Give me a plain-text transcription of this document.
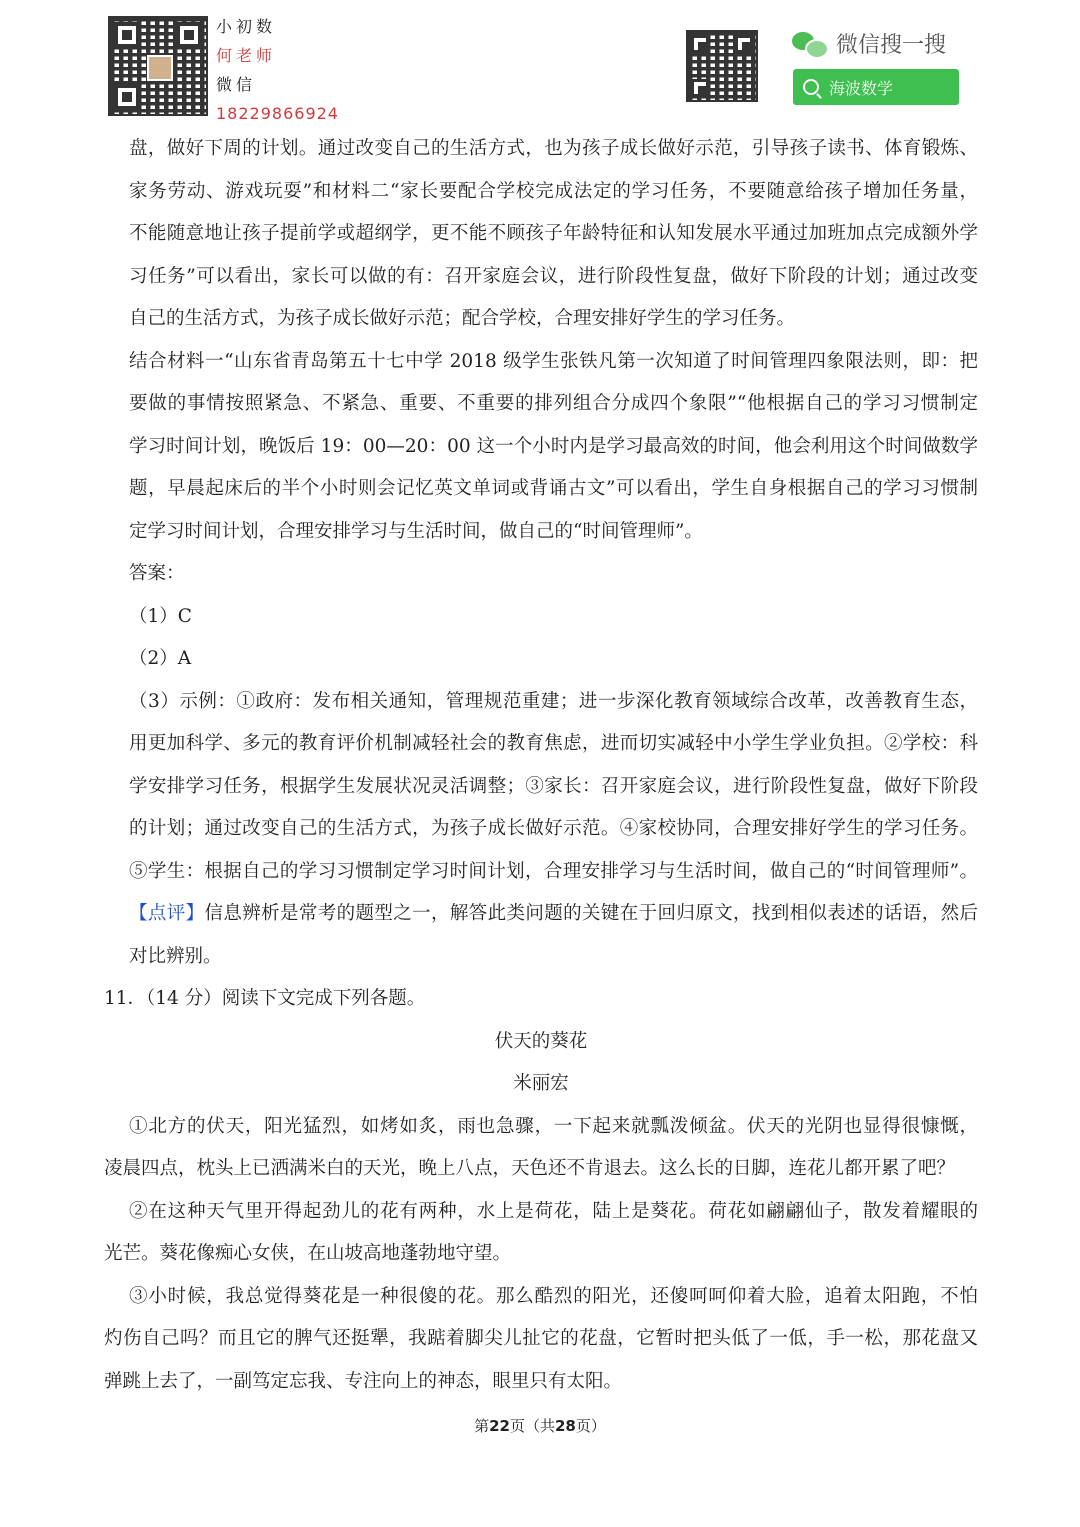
小初数
何老师
微信
18229866924
微信搜一搜
海波数学
盘，做好下周的计划。通过改变自己的生活方式，也为孩子成长做好示范，引导孩子读书、体育锻炼、
家务劳动、游戏玩耍”和材料二“家长要配合学校完成法定的学习任务，不要随意给孩子增加任务量，
不能随意地让孩子提前学或超纲学，更不能不顾孩子年龄特征和认知发展水平通过加班加点完成额外学
习任务”可以看出，家长可以做的有：召开家庭会议，进行阶段性复盘，做好下阶段的计划；通过改变
自己的生活方式，为孩子成长做好示范；配合学校，合理安排好学生的学习任务。
结合材料一“山东省青岛第五十七中学 2018 级学生张铁凡第一次知道了时间管理四象限法则，即：把
要做的事情按照紧急、不紧急、重要、不重要的排列组合分成四个象限”“他根据自己的学习习惯制定
学习时间计划，晚饭后 19：00—20：00 这一个小时内是学习最高效的时间，他会利用这个时间做数学
题，早晨起床后的半个小时则会记忆英文单词或背诵古文”可以看出，学生自身根据自己的学习习惯制
定学习时间计划，合理安排学习与生活时间，做自己的“时间管理师”。
答案：
（1）C
（2）A
（3）示例：①政府：发布相关通知，管理规范重建；进一步深化教育领域综合改革，改善教育生态，
用更加科学、多元的教育评价机制减轻社会的教育焦虑，进而切实减轻中小学生学业负担。②学校：科
学安排学习任务，根据学生发展状况灵活调整；③家长：召开家庭会议，进行阶段性复盘，做好下阶段
的计划；通过改变自己的生活方式，为孩子成长做好示范。④家校协同，合理安排好学生的学习任务。
⑤学生：根据自己的学习习惯制定学习时间计划，合理安排学习与生活时间，做自己的“时间管理师”。
【点评】信息辨析是常考的题型之一，解答此类问题的关键在于回归原文，找到相似表述的话语，然后
对比辨别。
11．（14 分）阅读下文完成下列各题。
伏天的葵花
米丽宏
①北方的伏天，阳光猛烈，如烤如炙，雨也急骤，一下起来就瓢泼倾盆。伏天的光阴也显得很慷慨，
凌晨四点，枕头上已洒满米白的天光，晚上八点，天色还不肯退去。这么长的日脚，连花儿都开累了吧？
②在这种天气里开得起劲儿的花有两种，水上是荷花，陆上是葵花。荷花如翩翩仙子，散发着耀眼的
光芒。葵花像痴心女侠，在山坡高地蓬勃地守望。
③小时候，我总觉得葵花是一种很傻的花。那么酷烈的阳光，还傻呵呵仰着大脸，追着太阳跑，不怕
灼伤自己吗？而且它的脾气还挺犟，我踮着脚尖儿扯它的花盘，它暂时把头低了一低，手一松，那花盘又
弹跳上去了，一副笃定忘我、专注向上的神态，眼里只有太阳。
第22页（共28页）
